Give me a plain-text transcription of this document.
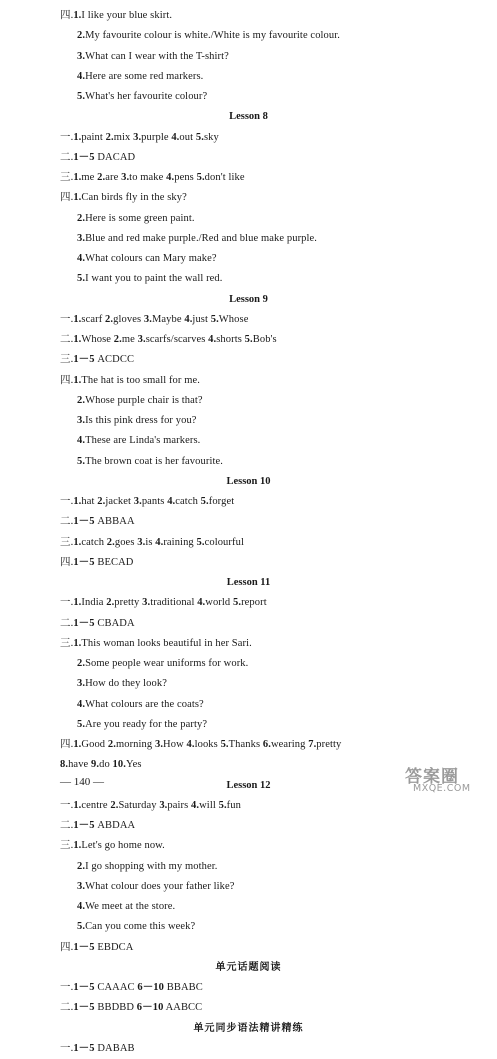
四.1.I like your blue skirt.
2.My favourite colour is white./White is my favourite colour.
3.What can I wear with the T-shirt?
4.Here are some red markers.
5.What's her favourite colour?
Lesson 8
一.1.paint 2.mix 3.purple 4.out 5.sky
二.1－5 DACAD
三.1.me 2.are 3.to make 4.pens 5.don't like
四.1.Can birds fly in the sky?
2.Here is some green paint.
3.Blue and red make purple./Red and blue make purple.
4.What colours can Mary make?
5.I want you to paint the wall red.
Lesson 9
一.1.scarf 2.gloves 3.Maybe 4.just 5.Whose
二.1.Whose 2.me 3.scarfs/scarves 4.shorts 5.Bob's
三.1－5 ACDCC
四.1.The hat is too small for me.
2.Whose purple chair is that?
3.Is this pink dress for you?
4.These are Linda's markers.
5.The brown coat is her favourite.
Lesson 10
一.1.hat 2.jacket 3.pants 4.catch 5.forget
二.1－5 ABBAA
三.1.catch 2.goes 3.is 4.raining 5.colourful
四.1－5 BECAD
Lesson 11
一.1.India 2.pretty 3.traditional 4.world 5.report
二.1－5 CBADA
三.1.This woman looks beautiful in her Sari.
2.Some people wear uniforms for work.
3.How do they look?
4.What colours are the coats?
5.Are you ready for the party?
四.1.Good 2.morning 3.How 4.looks 5.Thanks 6.wearing 7.pretty
8.have 9.do 10.Yes
Lesson 12
一.1.centre 2.Saturday 3.pairs 4.will 5.fun
二.1－5 ABDAA
三.1.Let's go home now.
2.I go shopping with my mother.
3.What colour does your father like?
4.We meet at the store.
5.Can you come this week?
四.1－5 EBDCA
单元话题阅读
一.1－5 CAAAC 6－10 BBABC
二.1－5 BBDBD 6－10 AABCC
单元同步语法精讲精练
一.1－5 DABAB
— 140 —	答案圈
MXQE.COM
